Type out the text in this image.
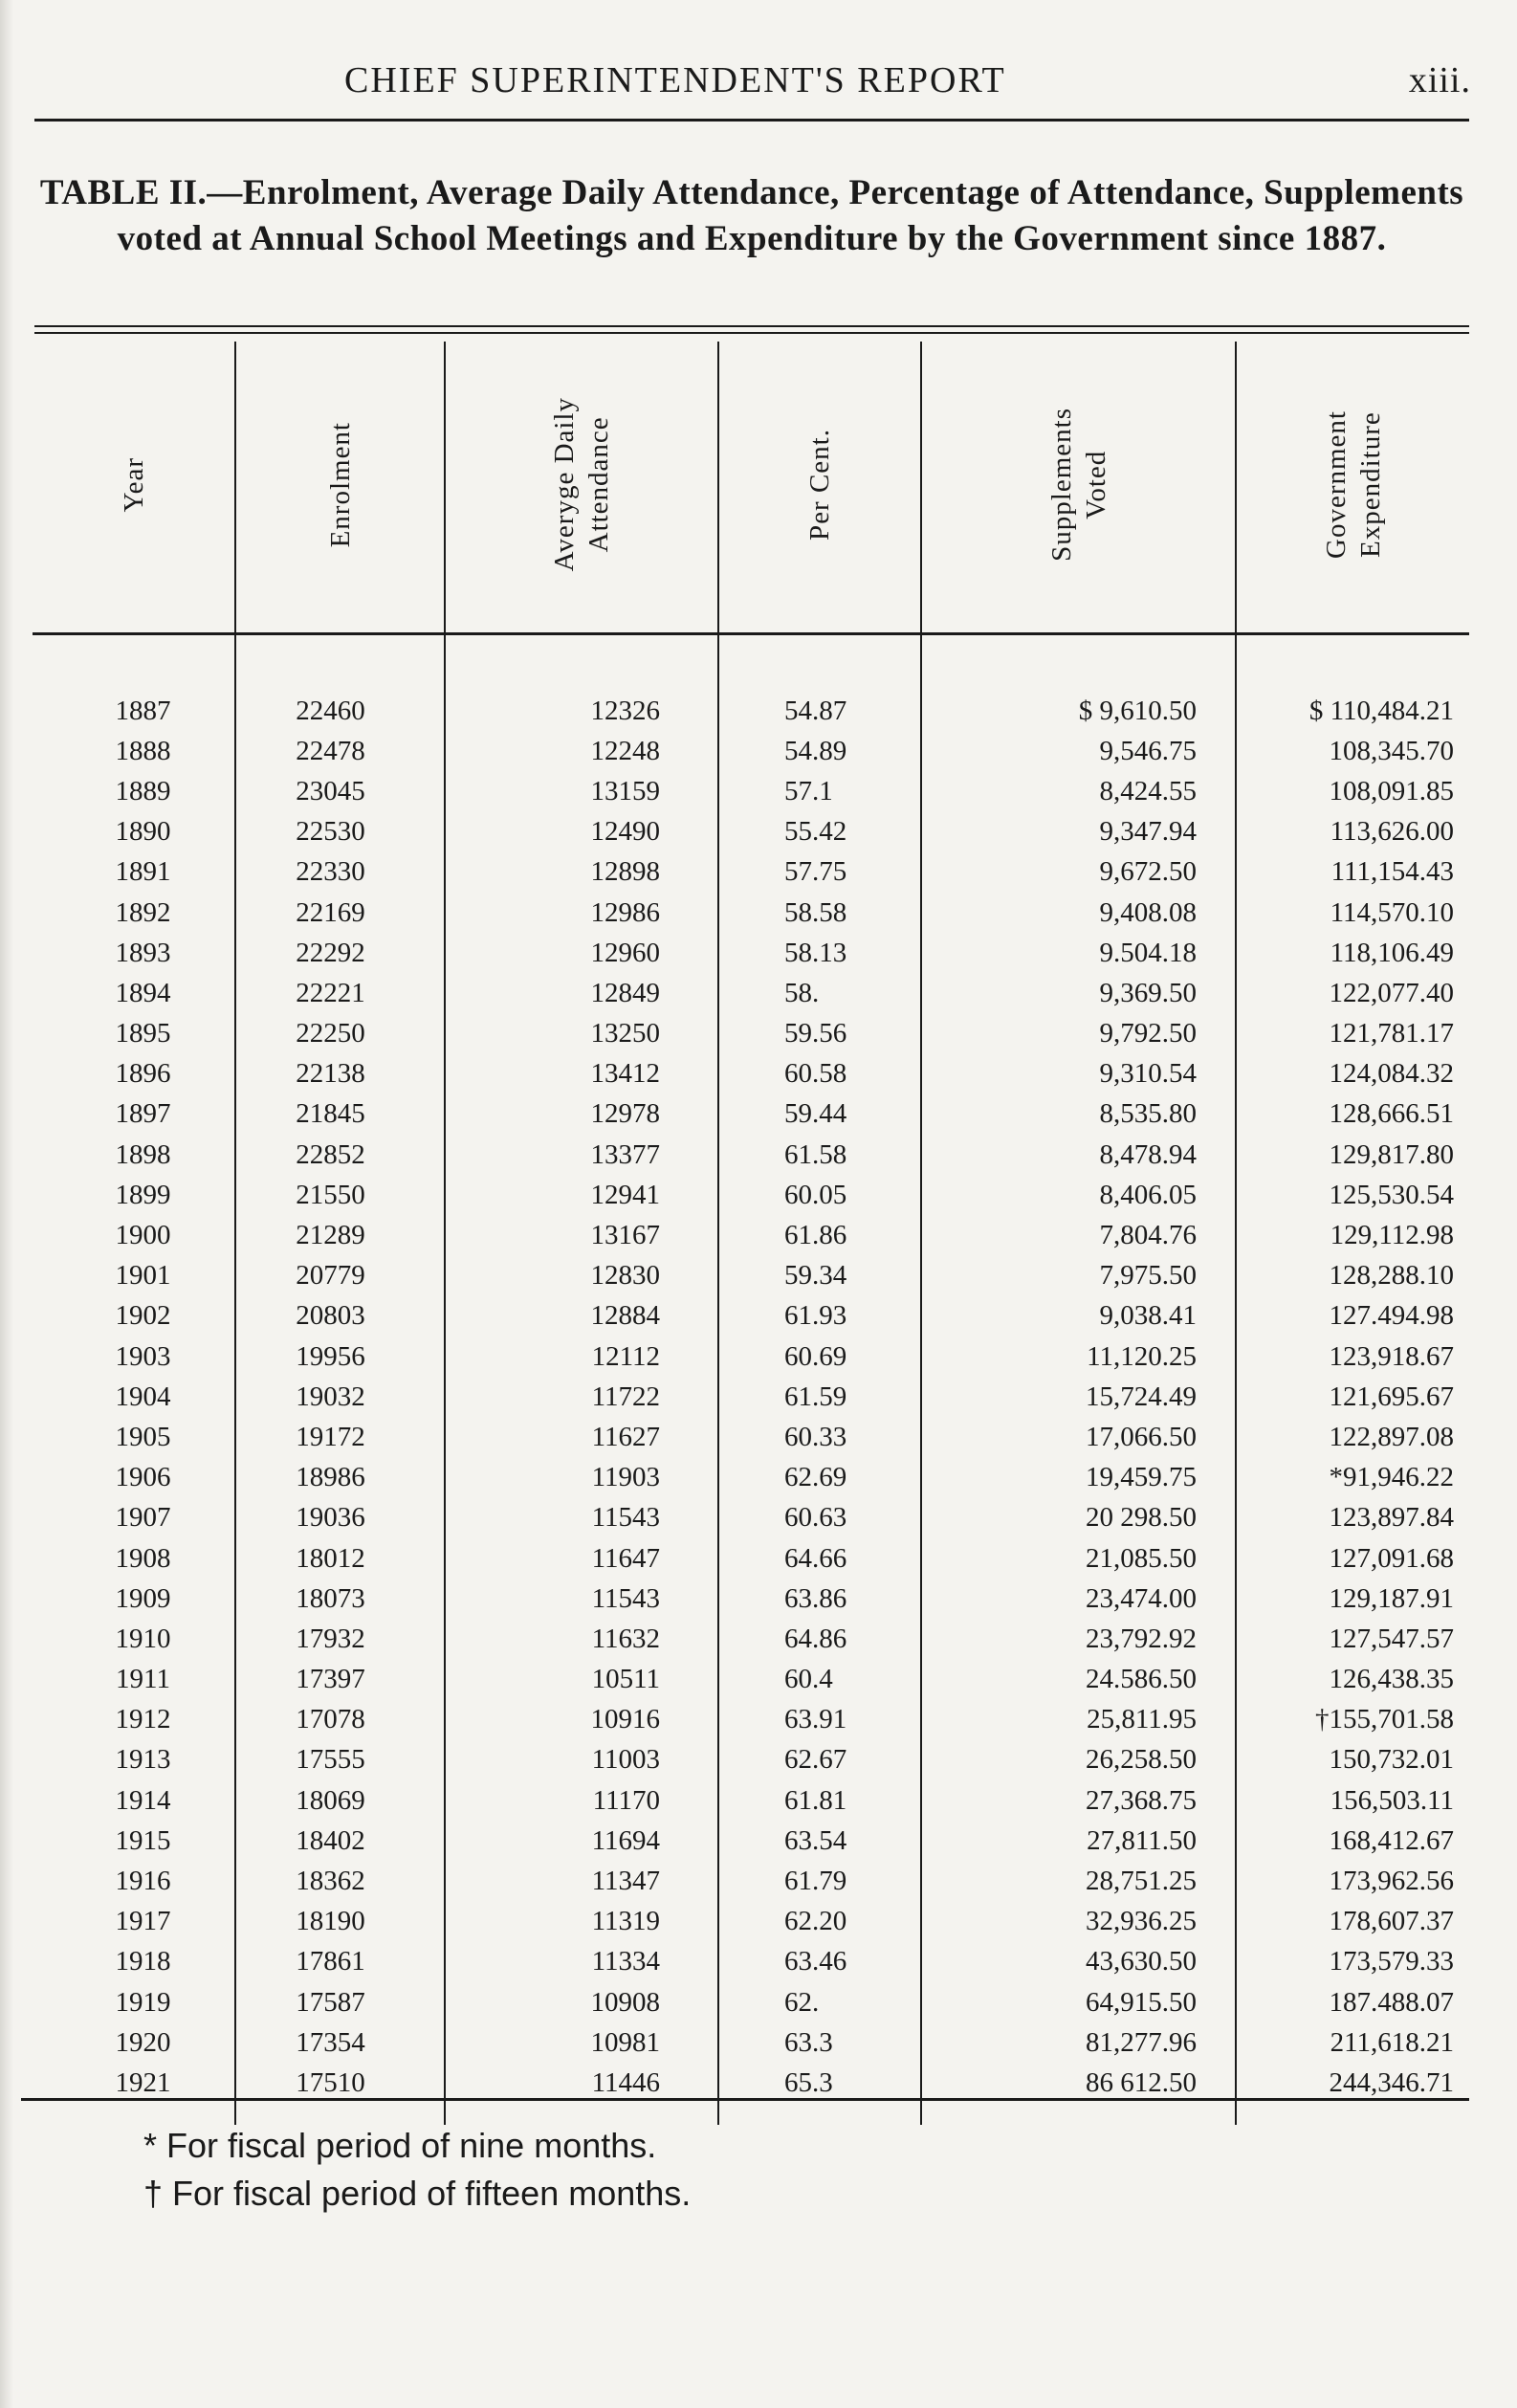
CHIEF SUPERINTENDENT'S REPORT	xiii.
TABLE II.—Enrolment, Average Daily Attendance, Percentage of Attendance, Supplements voted at Annual School Meetings and Expenditure by the Government since 1887.
Year	Enrolment	Averyge Daily Attendance	Per Cent.	Supplements Voted	Government Expenditure
1887	22460	12326	54.87	$ 9,610.50	$ 110,484.21
1888	22478	12248	54.89	9,546.75	108,345.70
1889	23045	13159	57.1	8,424.55	108,091.85
1890	22530	12490	55.42	9,347.94	113,626.00
1891	22330	12898	57.75	9,672.50	111,154.43
1892	22169	12986	58.58	9,408.08	114,570.10
1893	22292	12960	58.13	9.504.18	118,106.49
1894	22221	12849	58.	9,369.50	122,077.40
1895	22250	13250	59.56	9,792.50	121,781.17
1896	22138	13412	60.58	9,310.54	124,084.32
1897	21845	12978	59.44	8,535.80	128,666.51
1898	22852	13377	61.58	8,478.94	129,817.80
1899	21550	12941	60.05	8,406.05	125,530.54
1900	21289	13167	61.86	7,804.76	129,112.98
1901	20779	12830	59.34	7,975.50	128,288.10
1902	20803	12884	61.93	9,038.41	127.494.98
1903	19956	12112	60.69	11,120.25	123,918.67
1904	19032	11722	61.59	15,724.49	121,695.67
1905	19172	11627	60.33	17,066.50	122,897.08
1906	18986	11903	62.69	19,459.75	*91,946.22
1907	19036	11543	60.63	20 298.50	123,897.84
1908	18012	11647	64.66	21,085.50	127,091.68
1909	18073	11543	63.86	23,474.00	129,187.91
1910	17932	11632	64.86	23,792.92	127,547.57
1911	17397	10511	60.4	24.586.50	126,438.35
1912	17078	10916	63.91	25,811.95	†155,701.58
1913	17555	11003	62.67	26,258.50	150,732.01
1914	18069	11170	61.81	27,368.75	156,503.11
1915	18402	11694	63.54	27,811.50	168,412.67
1916	18362	11347	61.79	28,751.25	173,962.56
1917	18190	11319	62.20	32,936.25	178,607.37
1918	17861	11334	63.46	43,630.50	173,579.33
1919	17587	10908	62.	64,915.50	187.488.07
1920	17354	10981	63.3	81,277.96	211,618.21
1921	17510	11446	65.3	86 612.50	244,346.71
* For fiscal period of nine months.
† For fiscal period of fifteen months.
